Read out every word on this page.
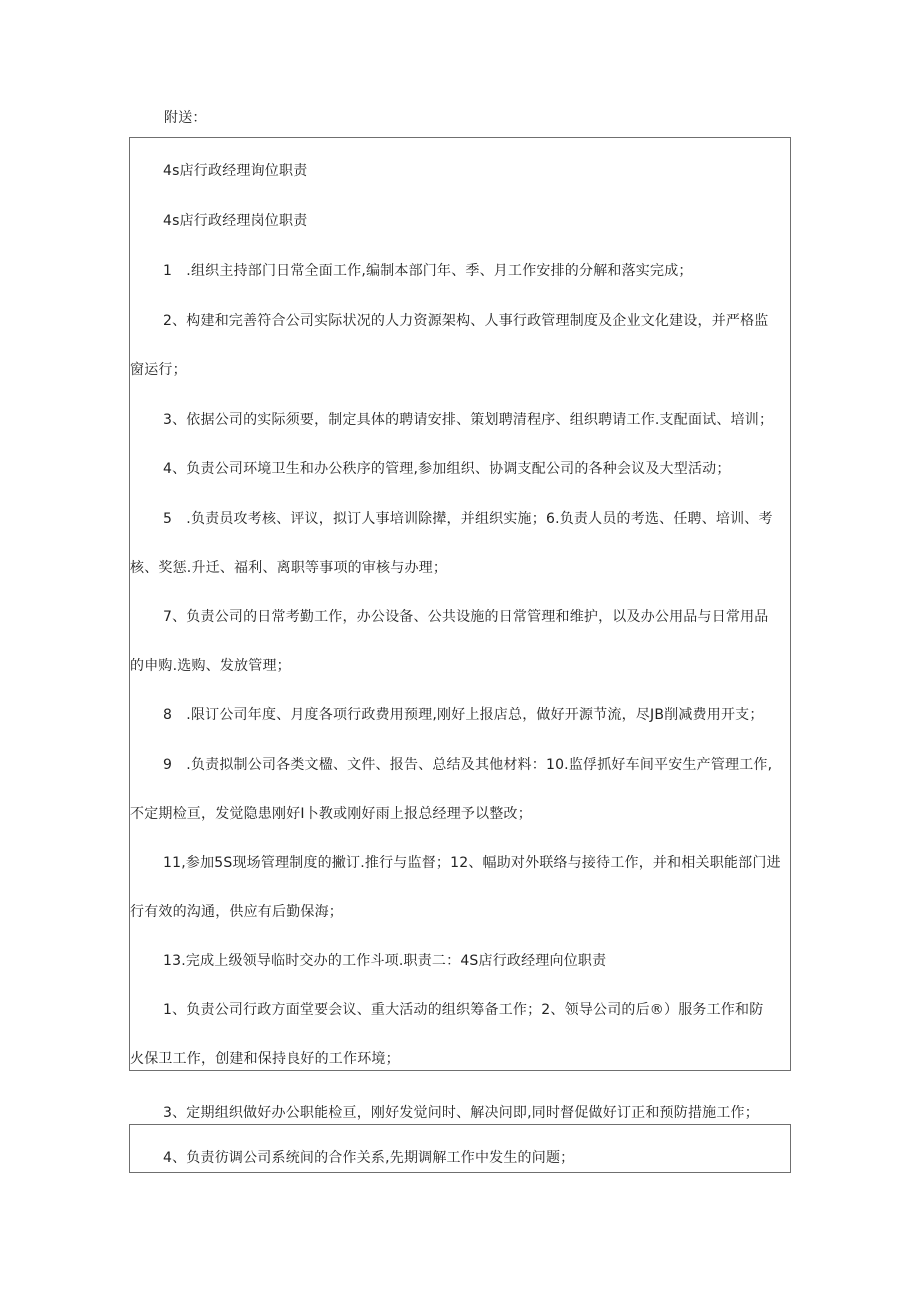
附送：
4s店行政经理询位职责
4s店行政经理岗位职责
1　.组织主持部门日常全面工作,编制本部门年、季、月工作安排的分解和落实完成；
2、构建和完善符合公司实际状况的人力资源架构、人事行政管理制度及企业文化建设，并严格监
窗运行；
3、依据公司的实际须要，制定具体的聘请安排、策划聘清程序、组织聘请工作.支配面试、培训；
4、负责公司环境卫生和办公秩序的管理,参加组织、协调支配公司的各种会议及大型活动；
5　.负责员攻考核、评议，拟订人事培训除撵，并组织实施；6.负责人员的考选、任聘、培训、考
核、奖惩.升迁、福利、离职等事项的审核与办理；
7、负责公司的日常考勤工作，办公设备、公共设施的日常管理和维护，以及办公用品与日常用品
的申购.选购、发放管理；
8　.限订公司年度、月度各项行政费用预理,刚好上报店总，做好开源节流，尽JB削减费用开支；
9　.负责拟制公司各类文楹、文件、报告、总结及其他材料：10.监俘抓好车间平安生产管理工作,
不定期检亘，发觉隐患刚好I卜教或刚好雨上报总经理予以整改；
11,参加5S现场管理制度的撇订.推行与监督；12、幅助对外联络与接待工作，并和相关职能部门进
行有效的沟通，供应有后勤保海；
13.完成上级领导临时交办的工作斗项.职责二：4S店行政经理向位职责
1、负责公司行政方面堂要会议、重大活动的组织筹备工作；2、领导公司的后®）服务工作和防
火保卫工作，创建和保持良好的工作环境；
3、定期组织做好办公职能检亘，刚好发觉问时、解决问即,同时督促做好订正和预防措施工作；
4、负责彷调公司系统间的合作关系,先期调解工作中发生的问题；
